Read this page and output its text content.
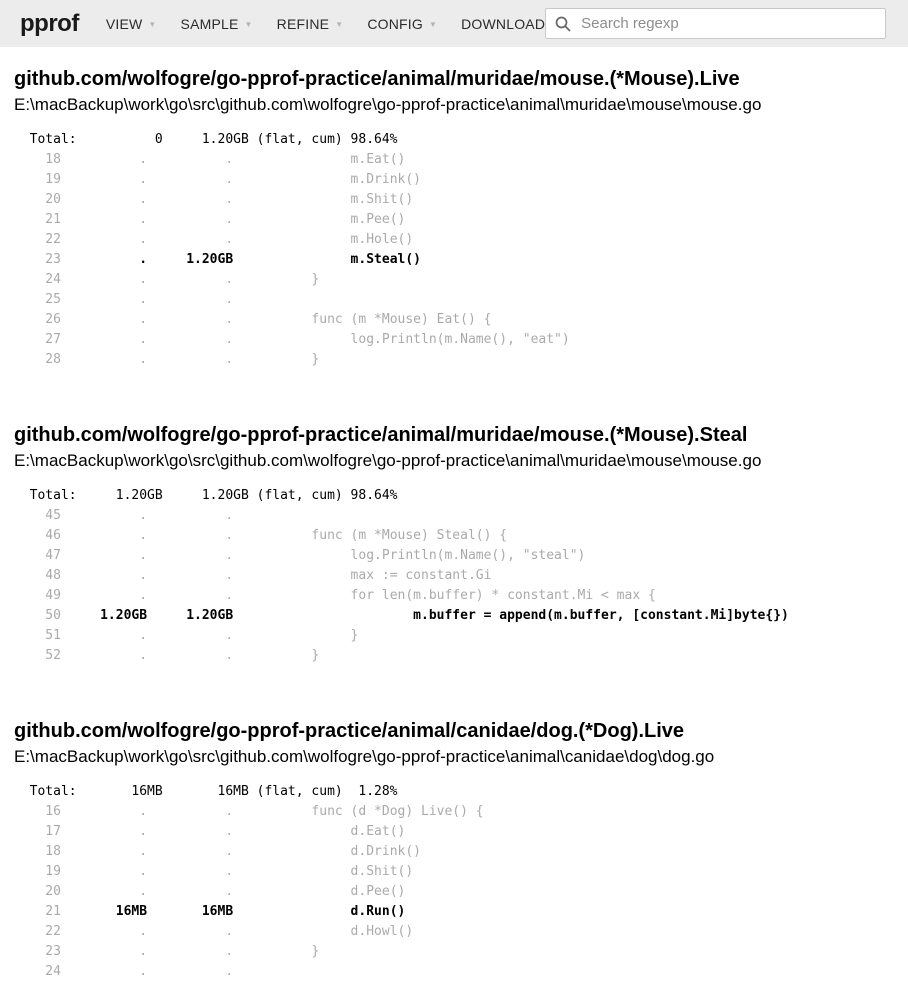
pprof VIEW ▼ SAMPLE ▼ REFINE ▼ CONFIG ▼ DOWNLOAD
Search regexp
github.com/wolfogre/go-pprof-practice/animal/muridae/mouse.(*Mouse).Live
E:\macBackup\work\go\src\github.com\wolfogre\go-pprof-practice\animal\muridae\mouse\mouse.go
Total:          0     1.20GB (flat, cum) 98.64%
18          .          .               m.Eat()
19          .          .               m.Drink()
20          .          .               m.Shit()
21          .          .               m.Pee()
22          .          .               m.Hole()
23          .     1.20GB               m.Steal()
24          .          .          }
25          .          .
26          .          .          func (m *Mouse) Eat() {
27          .          .               log.Println(m.Name(), "eat")
28          .          .          }
github.com/wolfogre/go-pprof-practice/animal/muridae/mouse.(*Mouse).Steal
E:\macBackup\work\go\src\github.com\wolfogre\go-pprof-practice\animal\muridae\mouse\mouse.go
Total:     1.20GB     1.20GB (flat, cum) 98.64%
45          .          .
46          .          .          func (m *Mouse) Steal() {
47          .          .               log.Println(m.Name(), "steal")
48          .          .               max := constant.Gi
49          .          .               for len(m.buffer) * constant.Mi < max {
50     1.20GB     1.20GB                       m.buffer = append(m.buffer, [constant.Mi]byte{})
51          .          .               }
52          .          .          }
github.com/wolfogre/go-pprof-practice/animal/canidae/dog.(*Dog).Live
E:\macBackup\work\go\src\github.com\wolfogre\go-pprof-practice\animal\canidae\dog\dog.go
Total:       16MB       16MB (flat, cum)  1.28%
16          .          .          func (d *Dog) Live() {
17          .          .               d.Eat()
18          .          .               d.Drink()
19          .          .               d.Shit()
20          .          .               d.Pee()
21       16MB       16MB               d.Run()
22          .          .               d.Howl()
23          .          .          }
24          .          .
